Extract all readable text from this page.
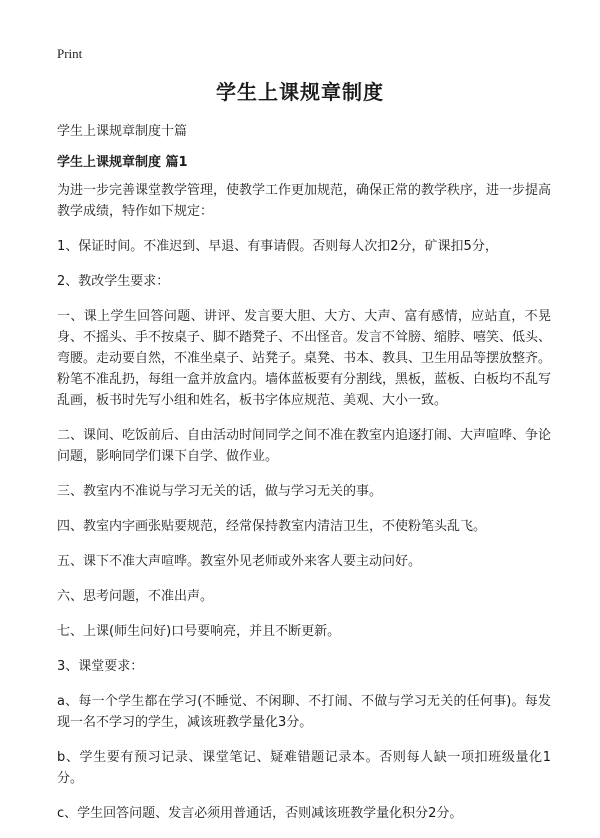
Print
学生上课规章制度

学生上课规章制度十篇

学生上课规章制度 篇1

为进一步完善课堂教学管理，使教学工作更加规范，确保正常的教学秩序，进一步提高教学成绩，特作如下规定：

1、保证时间。不准迟到、早退、有事请假。否则每人次扣2分，矿课扣5分，

2、教改学生要求：

一、课上学生回答问题、讲评、发言要大胆、大方、大声、富有感情，应站直，不晃身、不摇头、手不按桌子、脚不踏凳子、不出怪音。发言不耸膀、缩脖、嘻笑、低头、弯腰。走动要自然，不准坐桌子、站凳子。桌凳、书本、教具、卫生用品等摆放整齐。粉笔不准乱扔，每组一盒并放盒内。墙体蓝板要有分割线，黑板，蓝板、白板均不乱写乱画，板书时先写小组和姓名，板书字体应规范、美观、大小一致。

二、课间、吃饭前后、自由活动时间同学之间不准在教室内追逐打闹、大声喧哗、争论问题，影响同学们课下自学、做作业。

三、教室内不准说与学习无关的话，做与学习无关的事。

四、教室内字画张贴要规范，经常保持教室内清洁卫生，不使粉笔头乱飞。

五、课下不准大声喧哗。教室外见老师或外来客人要主动问好。

六、思考问题，不准出声。

七、上课(师生问好)口号要响亮，并且不断更新。

3、课堂要求：

a、每一个学生都在学习(不睡觉、不闲聊、不打闹、不做与学习无关的任何事)。每发现一名不学习的学生，减该班教学量化3分。

b、学生要有预习记录、课堂笔记、疑难错题记录本。否则每人缺一项扣班级量化1分。

c、学生回答问题、发言必须用普通话，否则减该班教学量化积分2分。
